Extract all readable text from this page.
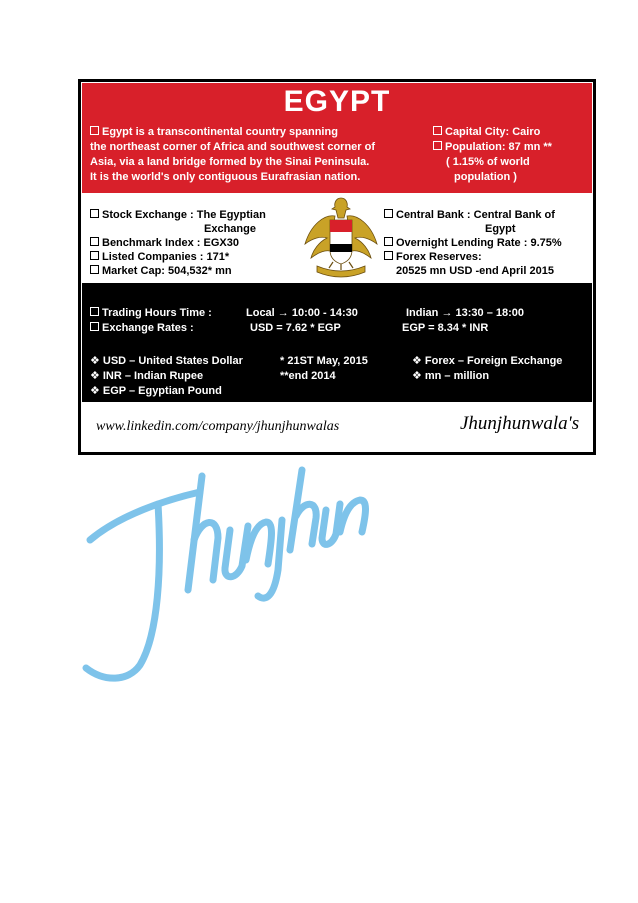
EGYPT
Egypt is a transcontinental country spanning
the northeast corner of Africa and southwest corner of
Asia, via a land bridge formed by the Sinai Peninsula.
It is the world's only contiguous Eurafrasian nation.
Capital City: Cairo
Population: 87 mn **
( 1.15% of world
population )
Stock Exchange : The Egyptian
Exchange
Benchmark Index : EGX30
Listed Companies : 171*
Market Cap: 504,532* mn
Central Bank : Central Bank of
Egypt
Overnight Lending Rate : 9.75%
Forex Reserves:
20525 mn USD -end April 2015
Trading Hours Time :	Local → 10:00 - 14:30	Indian → 13:30 – 18:00
Exchange Rates :	USD = 7.62 * EGP	EGP = 8.34 * INR
❖ USD – United States Dollar
❖ INR – Indian Rupee
❖ EGP – Egyptian Pound
* 21ST May, 2015
**end 2014
❖ Forex – Foreign Exchange
❖ mn – million
www.linkedin.com/company/jhunjhunwalas	Jhunjhunwala's
